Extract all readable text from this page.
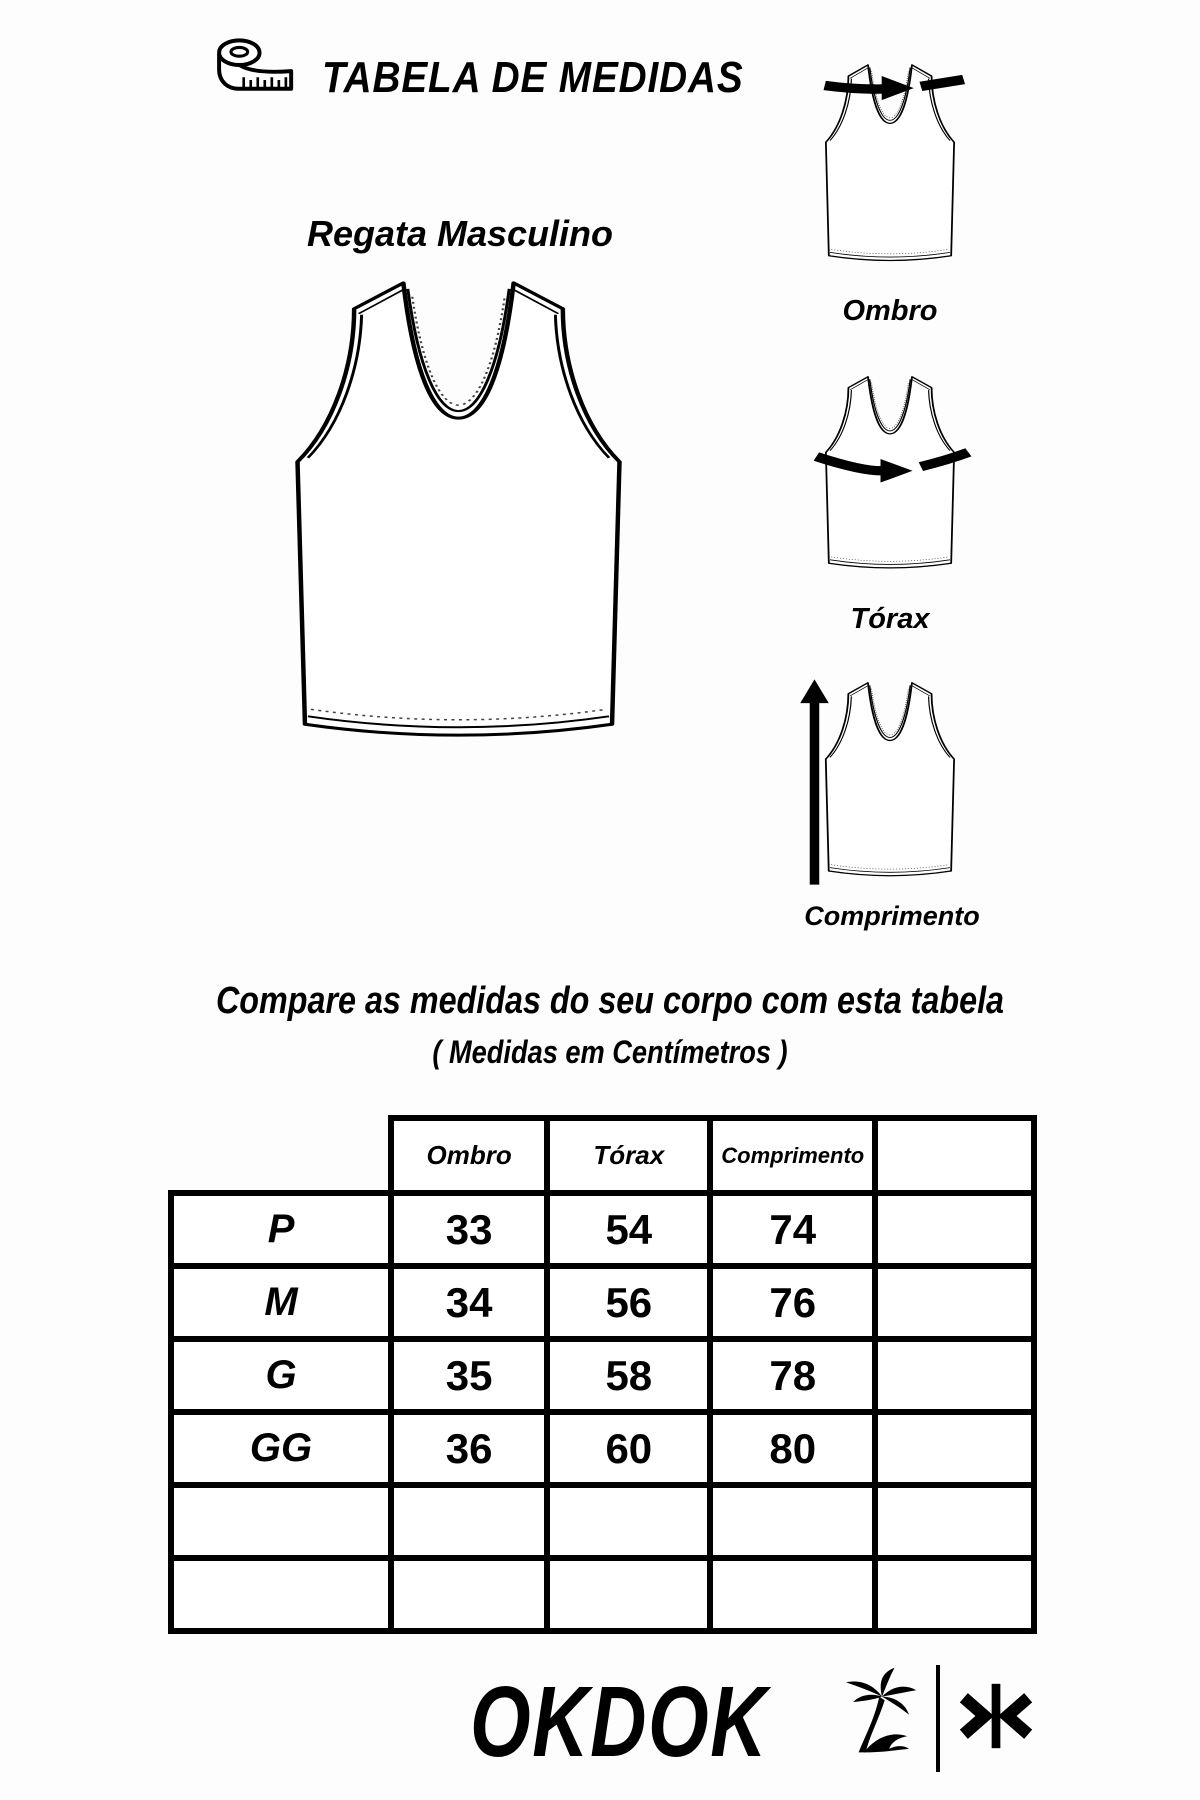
TABELA DE MEDIDAS
Regata Masculino
Ombro
Tórax
Comprimento
Compare as medidas do seu corpo com esta tabela
( Medidas em Centímetros )
	Ombro	Tórax	Comprimento	
P	33	54	74	
M	34	56	76	
G	35	58	78	
GG	36	60	80	

OKDOK
